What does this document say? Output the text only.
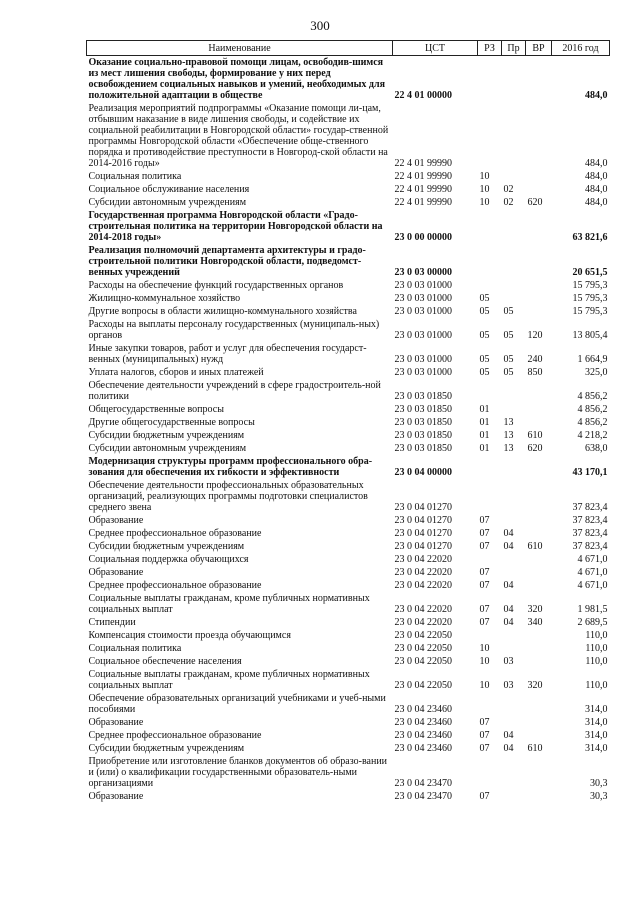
300
Наименование	ЦСТ	РЗ	Пр	ВР	2016 год
Оказание социально-правовой помощи лицам, освободив-шимся из мест лишения свободы, формирование у них перед освобождением социальных навыков и умений, необходимых для положительной адаптации в обществе	22 4 01 00000				484,0
Реализация мероприятий подпрограммы «Оказание помощи ли-цам, отбывшим наказание в виде лишения свободы, и содействие их социальной реабилитации в Новгородской области» государ-ственной программы Новгородской области «Обеспечение обще-ственного порядка и противодействие преступности в Новгород-ской области на 2014-2016 годы»	22 4 01 99990				484,0
Социальная политика	22 4 01 99990	10			484,0
Социальное обслуживание населения	22 4 01 99990	10	02		484,0
Субсидии автономным учреждениям	22 4 01 99990	10	02	620	484,0
Государственная программа Новгородской области «Градо-строительная политика на территории Новгородской области на 2014-2018 годы»	23 0 00 00000				63 821,6
Реализация полномочий департамента архитектуры и градо-строительной политики Новгородской области, подведомст-венных учреждений	23 0 03 00000				20 651,5
Расходы на обеспечение функций государственных органов	23 0 03 01000				15 795,3
Жилищно-коммунальное хозяйство	23 0 03 01000	05			15 795,3
Другие вопросы в области жилищно-коммунального хозяйства	23 0 03 01000	05	05		15 795,3
Расходы на выплаты персоналу государственных (муниципаль-ных) органов	23 0 03 01000	05	05	120	13 805,4
Иные закупки товаров, работ и услуг для обеспечения государст-венных (муниципальных) нужд	23 0 03 01000	05	05	240	1 664,9
Уплата налогов, сборов и иных платежей	23 0 03 01000	05	05	850	325,0
Обеспечение деятельности учреждений в сфере градостроитель-ной политики	23 0 03 01850				4 856,2
Общегосударственные вопросы	23 0 03 01850	01			4 856,2
Другие общегосударственные вопросы	23 0 03 01850	01	13		4 856,2
Субсидии бюджетным учреждениям	23 0 03 01850	01	13	610	4 218,2
Субсидии автономным учреждениям	23 0 03 01850	01	13	620	638,0
Модернизация структуры программ профессионального обра-зования для обеспечения их гибкости и эффективности	23 0 04 00000				43 170,1
Обеспечение деятельности профессиональных образовательных организаций, реализующих программы подготовки специалистов среднего звена	23 0 04 01270				37 823,4
Образование	23 0 04 01270	07			37 823,4
Среднее профессиональное образование	23 0 04 01270	07	04		37 823,4
Субсидии бюджетным учреждениям	23 0 04 01270	07	04	610	37 823,4
Социальная поддержка обучающихся	23 0 04 22020				4 671,0
Образование	23 0 04 22020	07			4 671,0
Среднее профессиональное образование	23 0 04 22020	07	04		4 671,0
Социальные выплаты гражданам, кроме публичных нормативных социальных выплат	23 0 04 22020	07	04	320	1 981,5
Стипендии	23 0 04 22020	07	04	340	2 689,5
Компенсация стоимости проезда обучающимся	23 0 04 22050				110,0
Социальная политика	23 0 04 22050	10			110,0
Социальное обеспечение населения	23 0 04 22050	10	03		110,0
Социальные выплаты гражданам, кроме публичных нормативных социальных выплат	23 0 04 22050	10	03	320	110,0
Обеспечение образовательных организаций учебниками и учеб-ными пособиями	23 0 04 23460				314,0
Образование	23 0 04 23460	07			314,0
Среднее профессиональное образование	23 0 04 23460	07	04		314,0
Субсидии бюджетным учреждениям	23 0 04 23460	07	04	610	314,0
Приобретение или изготовление бланков документов об образо-вании и (или) о квалификации государственными образователь-ными организациями	23 0 04 23470				30,3
Образование	23 0 04 23470	07			30,3
